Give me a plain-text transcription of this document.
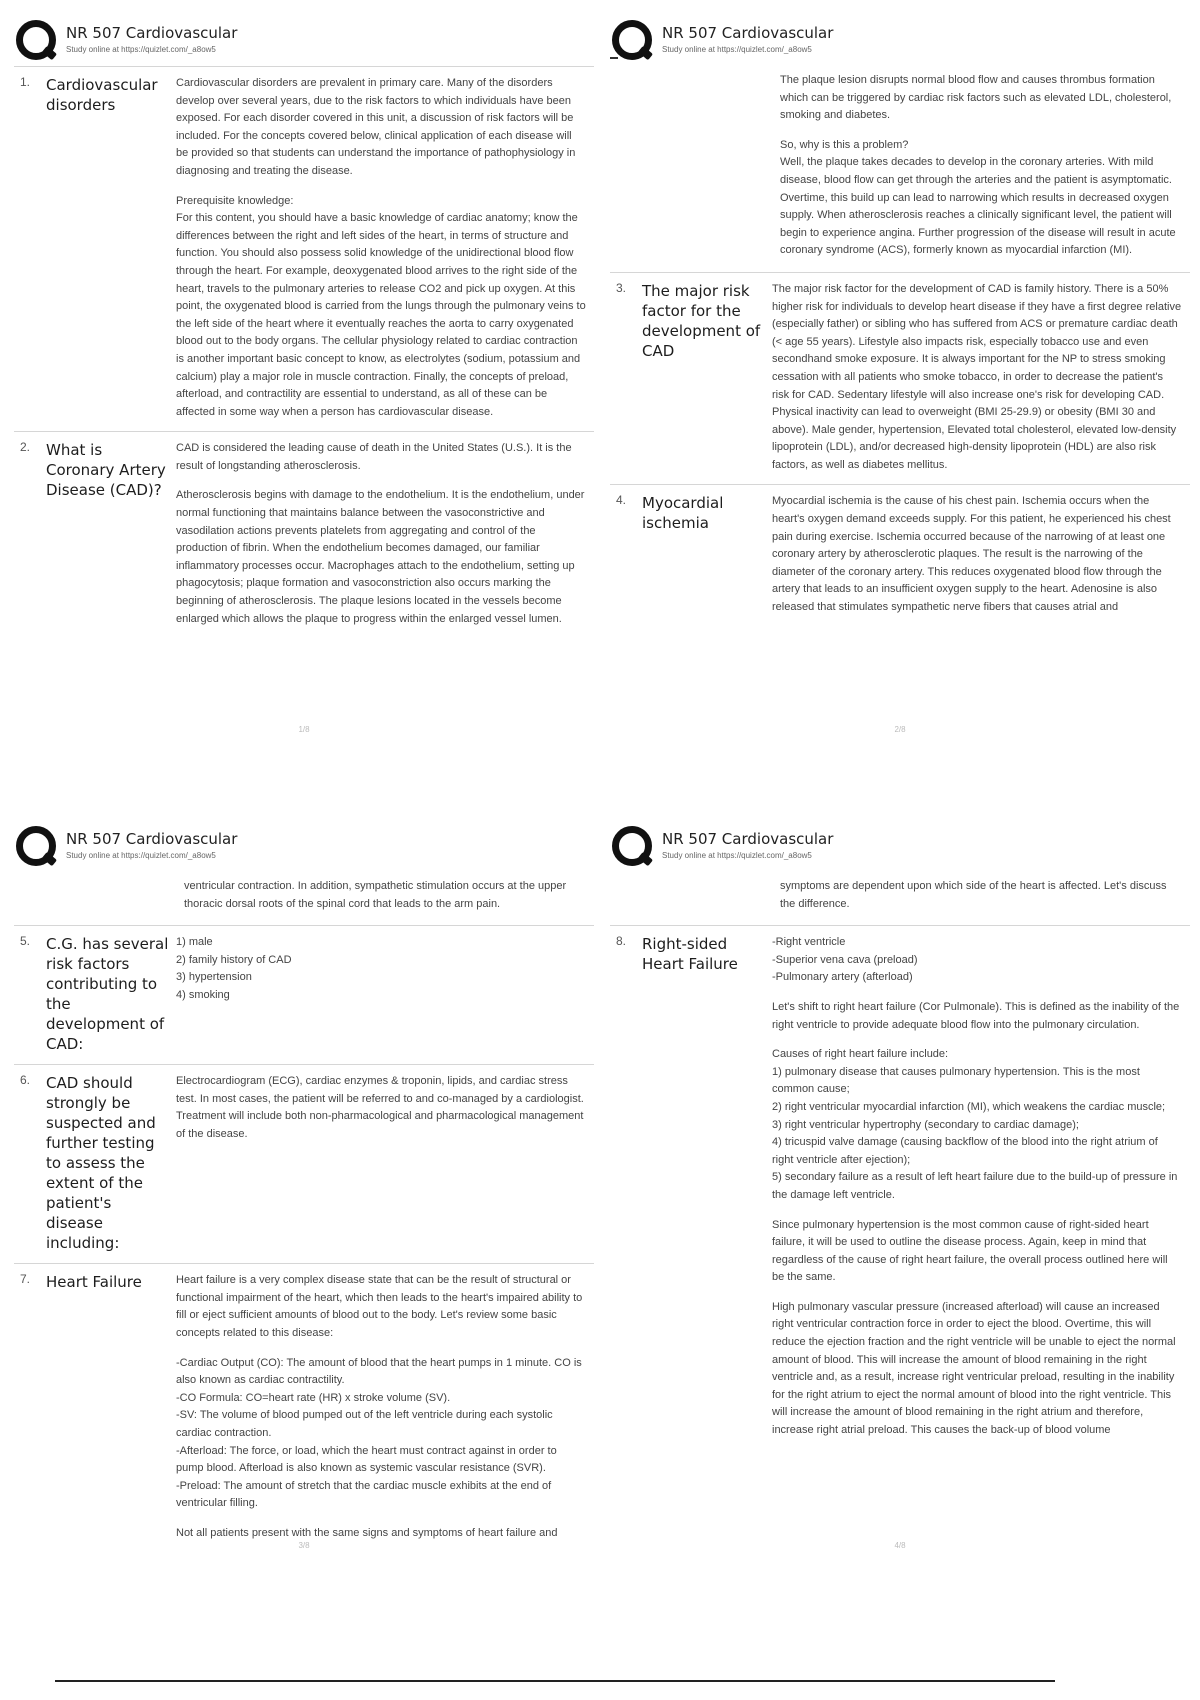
NR 507 Cardiovascular
Study online at https://quizlet.com/_a8ow5
1.	Cardiovascular disorders

Cardiovascular disorders are prevalent in primary care. Many of the disorders develop over several years, due to the risk factors to which individuals have been exposed. For each disorder covered in this unit, a discussion of risk factors will be included. For the concepts covered below, clinical application of each disease will be provided so that students can understand the importance of pathophysiology in diagnosing and treating the disease.

Prerequisite knowledge:
For this content, you should have a basic knowledge of cardiac anatomy; know the differences between the right and left sides of the heart, in terms of structure and function. You should also possess solid knowledge of the unidirectional blood flow through the heart. For example, deoxygenated blood arrives to the right side of the heart, travels to the pulmonary arteries to release CO2 and pick up oxygen. At this point, the oxygenated blood is carried from the lungs through the pulmonary veins to the left side of the heart where it eventually reaches the aorta to carry oxygenated blood out to the body organs. The cellular physiology related to cardiac contraction is another important basic concept to know, as electrolytes (sodium, potassium and calcium) play a major role in muscle contraction. Finally, the concepts of preload, afterload, and contractility are essential to understand, as all of these can be affected in some way when a person has cardiovascular disease.

2.	What is Coronary Artery Disease (CAD)?

CAD is considered the leading cause of death in the United States (U.S.). It is the result of longstanding atherosclerosis.

Atherosclerosis begins with damage to the endothelium. It is the endothelium, under normal functioning that maintains balance between the vasoconstrictive and vasodilation actions prevents platelets from aggregating and control of the production of fibrin. When the endothelium becomes damaged, our familiar inflammatory processes occur. Macrophages attach to the endothelium, setting up phagocytosis; plaque formation and vasoconstriction also occurs marking the beginning of atherosclerosis. The plaque lesions located in the vessels become enlarged which allows the plaque to progress within the enlarged vessel lumen.

1/8
NR 507 Cardiovascular
Study online at https://quizlet.com/_a8ow5

The plaque lesion disrupts normal blood flow and causes thrombus formation which can be triggered by cardiac risk factors such as elevated LDL, cholesterol, smoking and diabetes.

So, why is this a problem?
Well, the plaque takes decades to develop in the coronary arteries. With mild disease, blood flow can get through the arteries and the patient is asymptomatic. Overtime, this build up can lead to narrowing which results in decreased oxygen supply. When atherosclerosis reaches a clinically significant level, the patient will begin to experience angina. Further progression of the disease will result in acute coronary syndrome (ACS), formerly known as myocardial infarction (MI).

3.	The major risk factor for the development of CAD

The major risk factor for the development of CAD is family history. There is a 50% higher risk for individuals to develop heart disease if they have a first degree relative (especially father) or sibling who has suffered from ACS or premature cardiac death (< age 55 years). Lifestyle also impacts risk, especially tobacco use and even secondhand smoke exposure. It is always important for the NP to stress smoking cessation with all patients who smoke tobacco, in order to decrease the patient's risk for CAD. Sedentary lifestyle will also increase one's risk for developing CAD. Physical inactivity can lead to overweight (BMI 25-29.9) or obesity (BMI 30 and above). Male gender, hypertension, Elevated total cholesterol, elevated low-density lipoprotein (LDL), and/or decreased high-density lipoprotein (HDL) are also risk factors, as well as diabetes mellitus.

4.	Myocardial ischemia

Myocardial ischemia is the cause of his chest pain. Ischemia occurs when the heart's oxygen demand exceeds supply. For this patient, he experienced his chest pain during exercise. Ischemia occurred because of the narrowing of at least one coronary artery by atherosclerotic plaques. The result is the narrowing of the diameter of the coronary artery. This reduces oxygenated blood flow through the artery that leads to an insufficient oxygen supply to the heart. Adenosine is also released that stimulates sympathetic nerve fibers that causes atrial and

2/8
NR 507 Cardiovascular
Study online at https://quizlet.com/_a8ow5

ventricular contraction. In addition, sympathetic stimulation occurs at the upper thoracic dorsal roots of the spinal cord that leads to the arm pain.

5.	C.G. has several risk factors contributing to the development of CAD:

1) male
2) family history of CAD
3) hypertension
4) smoking

6.	CAD should strongly be suspected and further testing to assess the extent of the patient's disease including:

Electrocardiogram (ECG), cardiac enzymes & troponin, lipids, and cardiac stress test. In most cases, the patient will be referred to and co-managed by a cardiologist. Treatment will include both non-pharmacological and pharmacological management of the disease.

7.	Heart Failure	Heart failure is a very complex disease state that can be the result of structural or functional impairment of the heart, which then leads to the heart's impaired ability to fill or eject sufficient amounts of blood out to the body. Let's review some basic concepts related to this disease:

-Cardiac Output (CO): The amount of blood that the heart pumps in 1 minute. CO is also known as cardiac contractility.
-CO Formula: CO=heart rate (HR) x stroke volume (SV).
-SV: The volume of blood pumped out of the left ventricle during each systolic cardiac contraction.
-Afterload: The force, or load, which the heart must contract against in order to pump blood. Afterload is also known as systemic vascular resistance (SVR).
-Preload: The amount of stretch that the cardiac muscle exhibits at the end of ventricular filling.

Not all patients present with the same signs and symptoms of heart failure and

3/8
NR 507 Cardiovascular
Study online at https://quizlet.com/_a8ow5

symptoms are dependent upon which side of the heart is affected. Let's discuss the difference.

8.	Right-sided Heart Failure

-Right ventricle
-Superior vena cava (preload)
-Pulmonary artery (afterload)

Let's shift to right heart failure (Cor Pulmonale). This is defined as the inability of the right ventricle to provide adequate blood flow into the pulmonary circulation.

Causes of right heart failure include:
1) pulmonary disease that causes pulmonary hypertension. This is the most common cause;
2) right ventricular myocardial infarction (MI), which weakens the cardiac muscle;
3) right ventricular hypertrophy (secondary to cardiac damage);
4) tricuspid valve damage (causing backflow of the blood into the right atrium of right ventricle after ejection);
5) secondary failure as a result of left heart failure due to the build-up of pressure in the damage left ventricle.

Since pulmonary hypertension is the most common cause of right-sided heart failure, it will be used to outline the disease process. Again, keep in mind that regardless of the cause of right heart failure, the overall process outlined here will be the same.

High pulmonary vascular pressure (increased afterload) will cause an increased right ventricular contraction force in order to eject the blood. Overtime, this will reduce the ejection fraction and the right ventricle will be unable to eject the normal amount of blood. This will increase the amount of blood remaining in the right ventricle and, as a result, increase right ventricular preload, resulting in the inability for the right atrium to eject the normal amount of blood into the right ventricle. This will increase the amount of blood remaining in the right atrium and therefore, increase right atrial preload. This causes the back-up of blood volume

4/8
